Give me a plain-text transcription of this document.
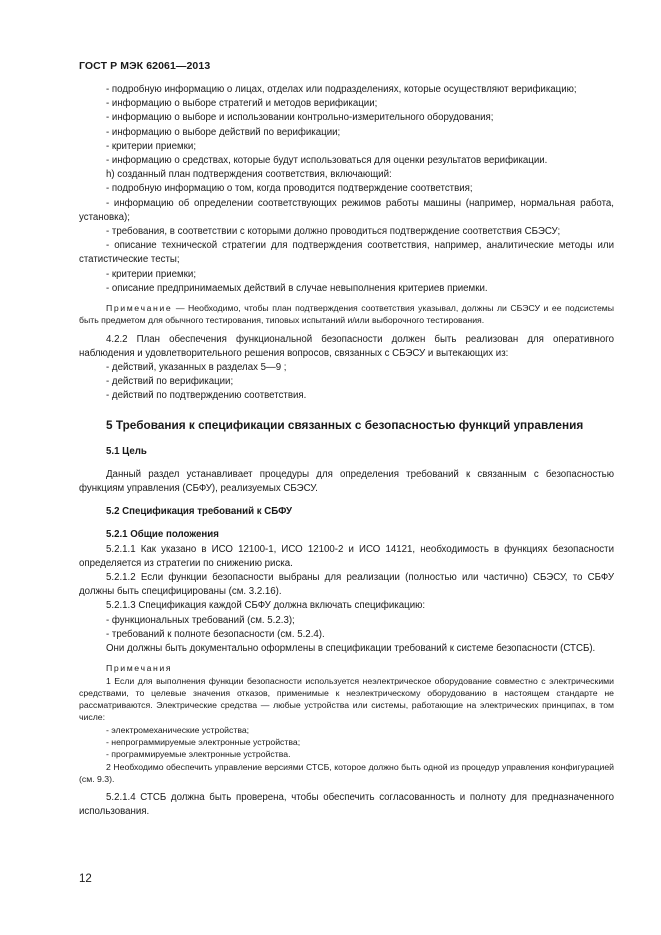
ГОСТ Р МЭК 62061—2013

- подробную информацию о лицах, отделах или подразделениях, которые осуществляют верификацию;

- информацию о выборе стратегий и методов верификации;

- информацию о выборе и использовании контрольно-измерительного оборудования;

- информацию о выборе действий по верификации;

- критерии приемки;

- информацию о средствах, которые будут использоваться для оценки результатов верификации.

h) созданный план подтверждения соответствия, включающий:

- подробную информацию о том, когда проводится подтверждение соответствия;

- информацию об определении соответствующих режимов работы машины (например, нормальная работа, установка);

- требования, в соответствии с которыми должно проводиться подтверждение соответствия СБЭСУ;

- описание технической стратегии для подтверждения соответствия, например, аналитические методы или статистические тесты;

- критерии приемки;

- описание предпринимаемых действий в случае невыполнения критериев приемки.

Примечание — Необходимо, чтобы план подтверждения соответствия указывал, должны ли СБЭСУ и ее подсистемы быть предметом для обычного тестирования, типовых испытаний и/или выборочного тестирования.

4.2.2 План обеспечения функциональной безопасности должен быть реализован для оперативного наблюдения и удовлетворительного решения вопросов, связанных с СБЭСУ и вытекающих из:

- действий, указанных в разделах 5—9 ;

- действий по верификации;

- действий по подтверждению соответствия.

5 Требования к спецификации связанных с безопасностью функций управления

5.1 Цель

Данный раздел устанавливает процедуры для определения требований к связанным с безопасностью функциям управления (СБФУ), реализуемых СБЭСУ.

5.2 Спецификация требований к СБФУ

5.2.1 Общие положения

5.2.1.1 Как указано в ИСО 12100-1, ИСО 12100-2 и ИСО 14121, необходимость в функциях безопасности определяется из стратегии по снижению риска.

5.2.1.2 Если функции безопасности выбраны для реализации (полностью или частично) СБЭСУ, то СБФУ должны быть специфицированы (см. 3.2.16).

5.2.1.3 Спецификация каждой СБФУ должна включать спецификацию:

- функциональных требований (см. 5.2.3);

- требований к полноте безопасности (см. 5.2.4).

Они должны быть документально оформлены в спецификации требований к системе безопасности (СТСБ).

Примечания

1 Если для выполнения функции безопасности используется неэлектрическое оборудование совместно с электрическими средствами, то целевые значения отказов, применимые к неэлектрическому оборудованию в настоящем стандарте не рассматриваются. Электрические средства — любые устройства или системы, работающие на электрических принципах, в том числе:

- электромеханические устройства;

- непрограммируемые электронные устройства;

- программируемые электронные устройства.

2 Необходимо обеспечить управление версиями СТСБ, которое должно быть одной из процедур управления конфигурацией (см. 9.3).

5.2.1.4 СТСБ должна быть проверена, чтобы обеспечить согласованность и полноту для предназначенного использования.

12
